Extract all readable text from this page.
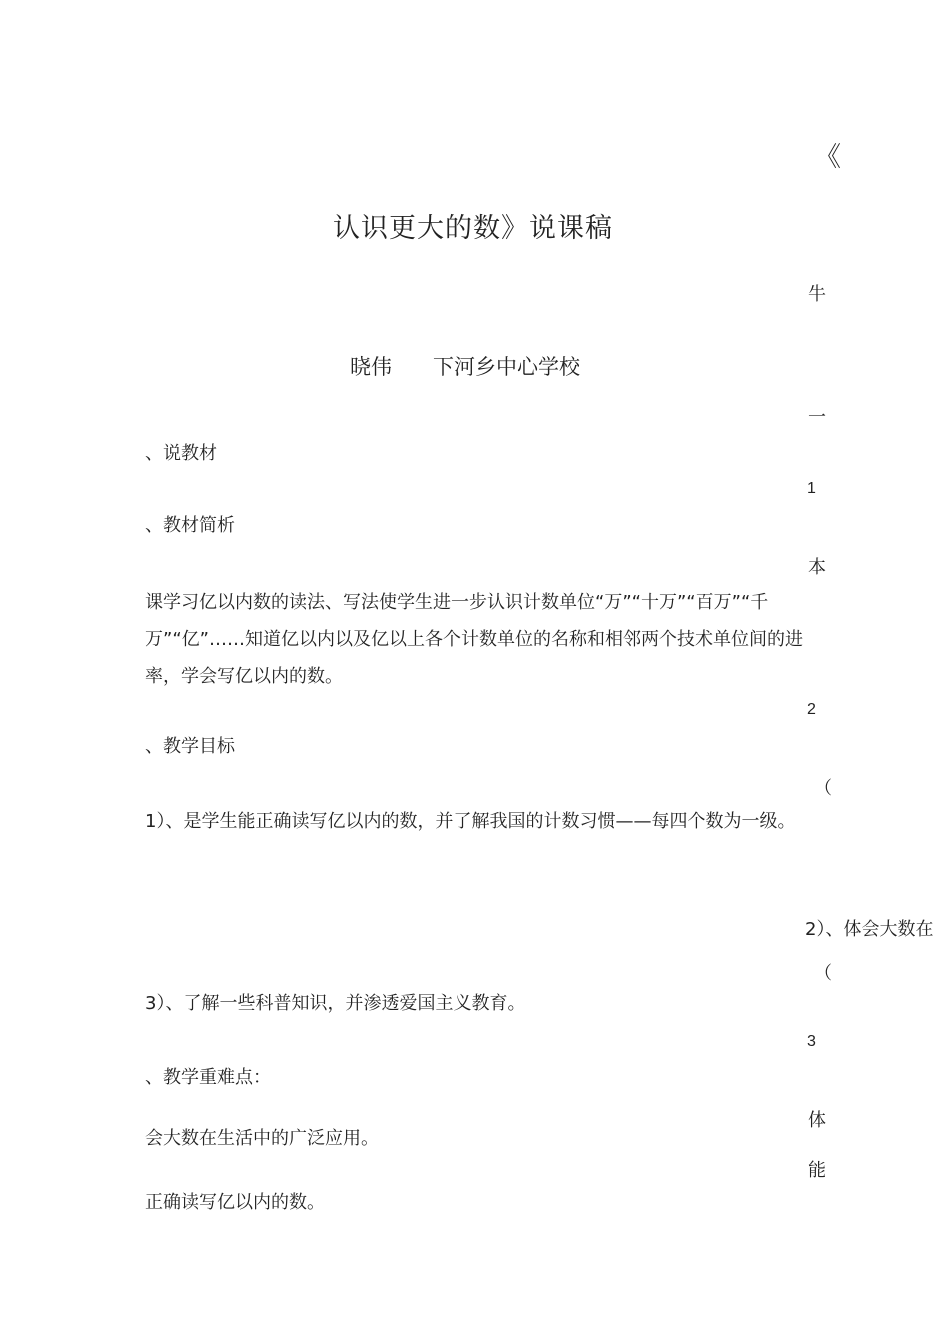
《
认识更大的数》说课稿
晓伟 下河乡中心学校
、说教材
、教材简析
课学习亿以内数的读法、写法使学生进一步认识计数单位“万”“十万”“百万”“千万”“亿”……知道亿以内以及亿以上各个计数单位的名称和相邻两个技术单位间的进率，学会写亿以内的数。
、教学目标
1）、是学生能正确读写亿以内的数，并了解我国的计数习惯——每四个数为一级。
2）、体会大数在
3）、了解一些科普知识，并渗透爱国主义教育。
、教学重难点：
会大数在生活中的广泛应用。
正确读写亿以内的数。
牛
一
1
本
2
（
（
3
体
能
